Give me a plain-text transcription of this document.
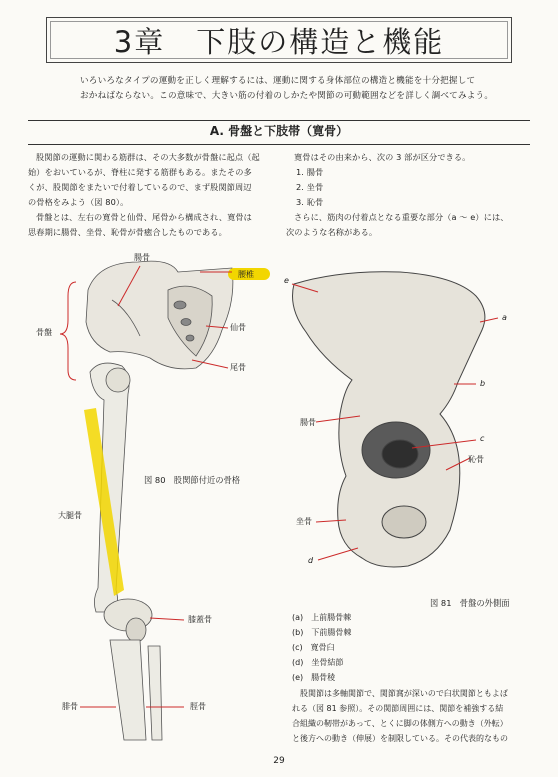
3章　下肢の構造と機能
いろいろなタイプの運動を正しく理解するには、運動に関する身体部位の構造と機能を十分把握して
おかねばならない。この意味で、大きい筋の付着のしかたや関節の可動範囲などを詳しく調べてみよう。
A. 骨盤と下肢帯（寛骨）

股関節の運動に関わる筋群は、その大多数が骨盤に起点（起

始）をおいているが、脊柱に発する筋群もある。またその多

くが、股関節をまたいで付着しているので、まず股関節周辺

の骨格をみよう（図 80）。

骨盤とは、左右の寛骨と仙骨、尾骨から構成され、寛骨は

思春期に腸骨、坐骨、恥骨が骨癒合したものである。

寛骨はその由来から、次の 3 部が区分できる。

1. 腸骨

2. 坐骨

3. 恥骨

さらに、筋肉の付着点となる重要な部分（a ～ e）には、

次のような名称がある。

腸骨
腰椎
骨盤
仙骨
尾骨
大腿骨
膝蓋骨
腓骨	脛骨
図 80　股関節付近の骨格
e
a
b
c
d
腸骨
恥骨
坐骨
図 81　骨盤の外側面
(a)　上前腸骨棘
(b)　下前腸骨棘
(c)　寛骨臼
(d)　坐骨結節
(e)　腸骨稜
股関節は多軸関節で、関節窩が深いので臼状関節ともよば
れる（図 81 参照）。その関節周囲には、関節を補強する結
合組織の靭帯があって、とくに脚の体側方への動き（外転）
と後方への動き（伸展）を制限している。その代表的なもの
29
